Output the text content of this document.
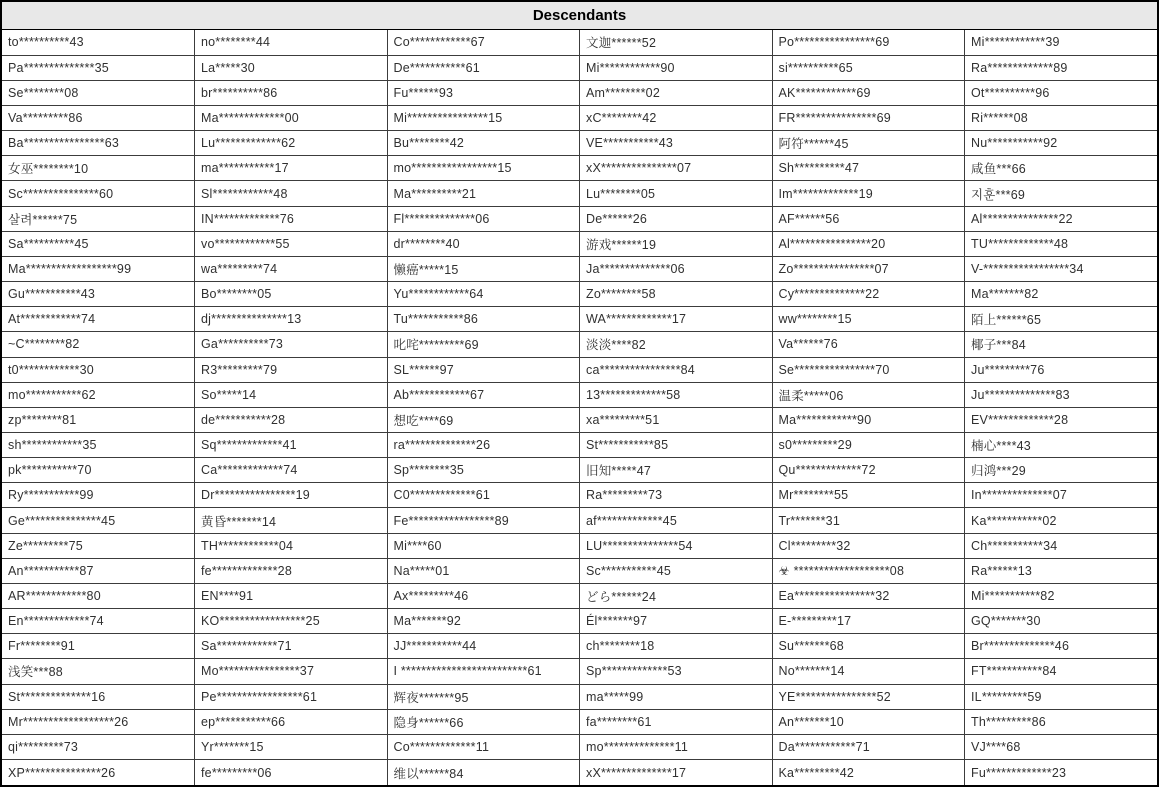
Descendants
to**********43	no********44	Co************67	文迦******52	Po****************69	Mi************39
Pa**************35	La*****30	De***********61	Mi************90	si**********65	Ra*************89
Se********08	br**********86	Fu******93	Am********02	AK************69	Ot**********96
Va*********86	Ma*************00	Mi****************15	xC********42	FR****************69	Ri******08
Ba****************63	Lu*************62	Bu********42	VE***********43	阿符******45	Nu***********92
女巫********10	ma***********17	mo*****************15	xX***************07	Sh**********47	咸鱼***66
Sc***************60	Sl************48	Ma**********21	Lu********05	Im*************19	지훈***69
살려******75	IN*************76	Fl**************06	De******26	AF******56	Al***************22
Sa**********45	vo************55	dr********40	游戏******19	Al****************20	TU*************48
Ma******************99	wa*********74	懒癌*****15	Ja**************06	Zo****************07	V-*****************34
Gu***********43	Bo********05	Yu************64	Zo********58	Cy**************22	Ma*******82
At************74	dj***************13	Tu***********86	WA*************17	ww********15	陌上******65
~C********82	Ga**********73	叱咤*********69	淡淡****82	Va******76	椰子***84
t0************30	R3*********79	SL******97	ca****************84	Se****************70	Ju*********76
mo***********62	So*****14	Ab************67	13*************58	温柔*****06	Ju**************83
zp********81	de***********28	想吃****69	xa*********51	Ma************90	EV*************28
sh************35	Sq*************41	ra**************26	St***********85	s0*********29	楠心****43
pk***********70	Ca*************74	Sp********35	旧知*****47	Qu*************72	归鸿***29
Ry***********99	Dr****************19	C0*************61	Ra*********73	Mr********55	In**************07
Ge***************45	黄昏*******14	Fe*****************89	af*************45	Tr*******31	Ka***********02
Ze*********75	TH************04	Mi****60	LU***************54	Cl*********32	Ch***********34
An***********87	fe*************28	Na*****01	Sc***********45	☣ *******************08	Ra******13
AR************80	EN****91	Ax*********46	どら******24	Ea****************32	Mi***********82
En*************74	KO*****************25	Ma*******92	Él*******97	E-*********17	GQ*******30
Fr********91	Sa************71	JJ***********44	ch********18	Su*******68	Br**************46
浅笑***88	Mo****************37	I *************************61	Sp*************53	No*******14	FT***********84
St**************16	Pe*****************61	辉夜*******95	ma*****99	YE****************52	IL*********59
Mr******************26	ep***********66	隐身******66	fa********61	An*******10	Th*********86
qi*********73	Yr*******15	Co*************11	mo**************11	Da************71	VJ****68
XP***************26	fe*********06	维以******84	xX**************17	Ka*********42	Fu*************23
